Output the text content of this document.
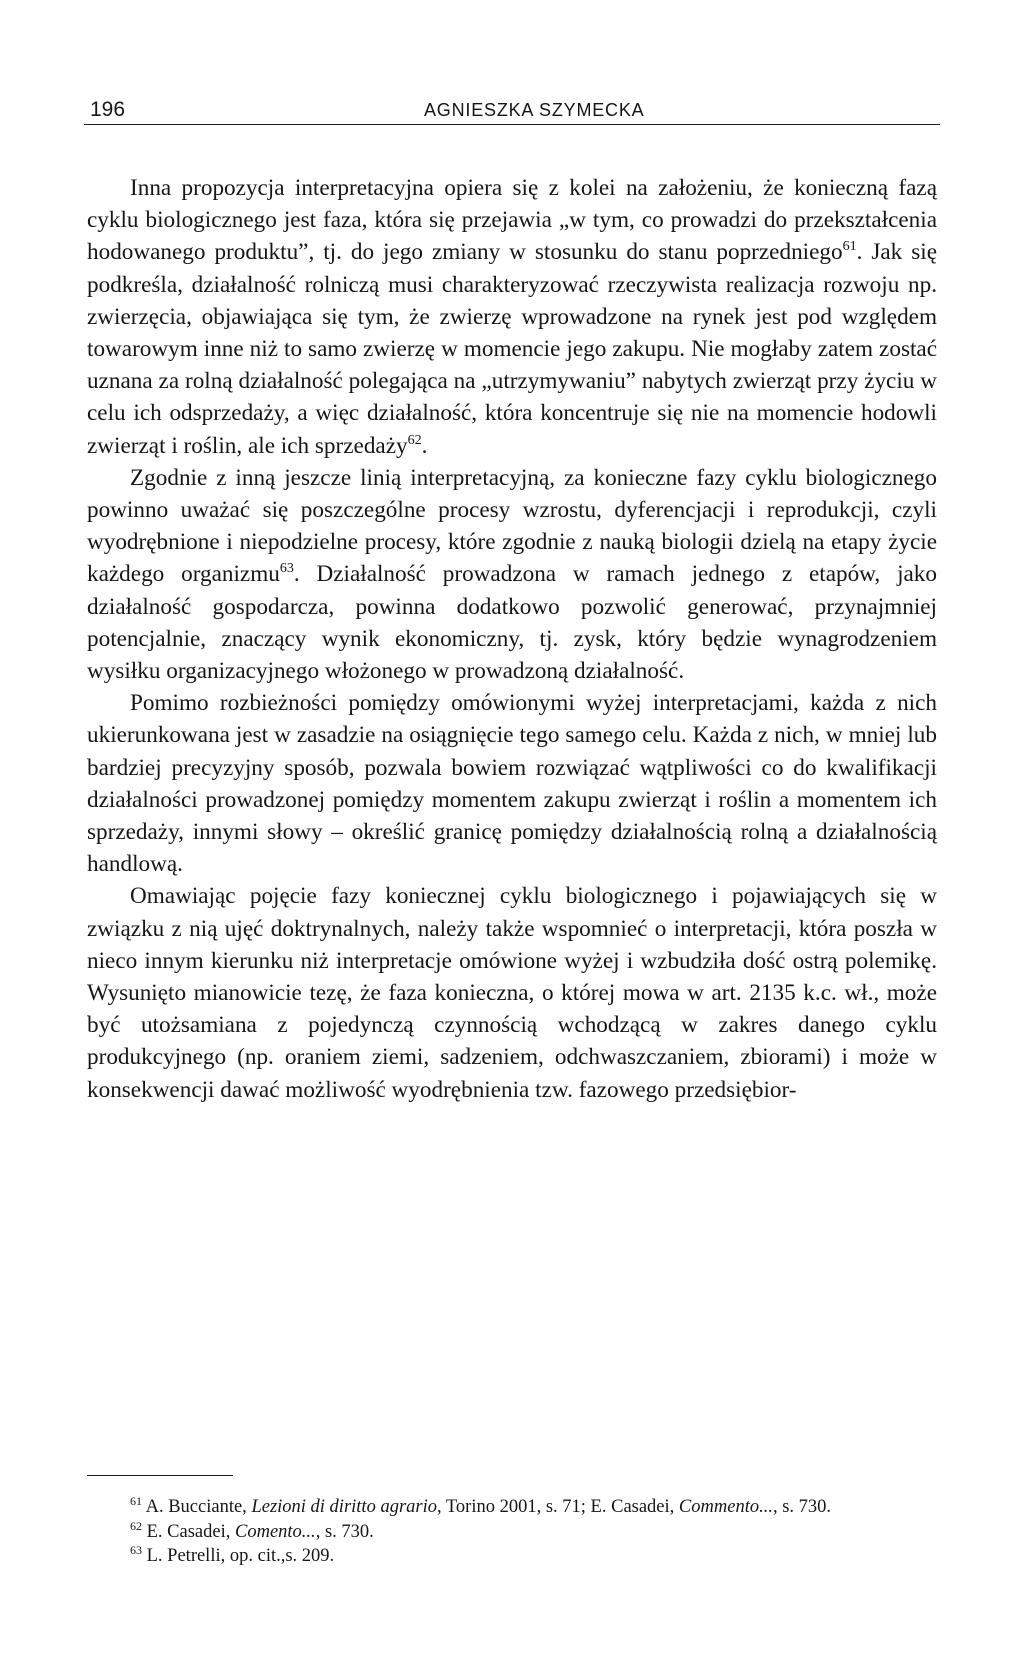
196	AGNIESZKA SZYMECKA

Inna propozycja interpretacyjna opiera się z kolei na założeniu, że konieczną fazą cyklu biologicznego jest faza, która się przejawia „w tym, co prowadzi do przekształcenia hodowanego produktu”, tj. do jego zmiany w stosunku do stanu poprzedniego$^{61}$. Jak się podkreśla, działalność rolniczą musi charakteryzować rzeczywista realizacja rozwoju np. zwierzęcia, objawiająca się tym, że zwierzę wprowadzone na rynek jest pod względem towarowym inne niż to samo zwierzę w momencie jego zakupu. Nie mogłaby zatem zostać uznana za rolną działalność polegająca na „utrzymywaniu” nabytych zwierząt przy życiu w celu ich odsprzedaży, a więc działalność, która koncentruje się nie na momencie hodowli zwierząt i roślin, ale ich sprzedaży$^{62}$.

Zgodnie z inną jeszcze linią interpretacyjną, za konieczne fazy cyklu biologicznego powinno uważać się poszczególne procesy wzrostu, dyferencjacji i reprodukcji, czyli wyodrębnione i niepodzielne procesy, które zgodnie z nauką biologii dzielą na etapy życie każdego organizmu$^{63}$. Działalność prowadzona w ramach jednego z etapów, jako działalność gospodarcza, powinna dodatkowo pozwolić generować, przynajmniej potencjalnie, znaczący wynik ekonomiczny, tj. zysk, który będzie wynagrodzeniem wysiłku organizacyjnego włożonego w prowadzoną działalność.

Pomimo rozbieżności pomiędzy omówionymi wyżej interpretacjami, każda z nich ukierunkowana jest w zasadzie na osiągnięcie tego samego celu. Każda z nich, w mniej lub bardziej precyzyjny sposób, pozwala bowiem rozwiązać wątpliwości co do kwalifikacji działalności prowadzonej pomiędzy momentem zakupu zwierząt i roślin a momentem ich sprzedaży, innymi słowy – określić granicę pomiędzy działalnością rolną a działalnością handlową.

Omawiając pojęcie fazy koniecznej cyklu biologicznego i pojawiających się w związku z nią ujęć doktrynalnych, należy także wspomnieć o interpretacji, która poszła w nieco innym kierunku niż interpretacje omówione wyżej i wzbudziła dość ostrą polemikę. Wysunięto mianowicie tezę, że faza konieczna, o której mowa w art. 2135 k.c. wł., może być utożsamiana z pojedynczą czynnością wchodzącą w zakres danego cyklu produkcyjnego (np. oraniem ziemi, sadzeniem, odchwaszczaniem, zbiorami) i może w konsekwencji dawać możliwość wyodrębnienia tzw. fazowego przedsiębior-

$^{61}$ A. Bucciante, Lezioni di diritto agrario, Torino 2001, s. 71; E. Casadei, Commento..., s. 730.

$^{62}$ E. Casadei, Comento..., s. 730.

$^{63}$ L. Petrelli, op. cit.,s. 209.
